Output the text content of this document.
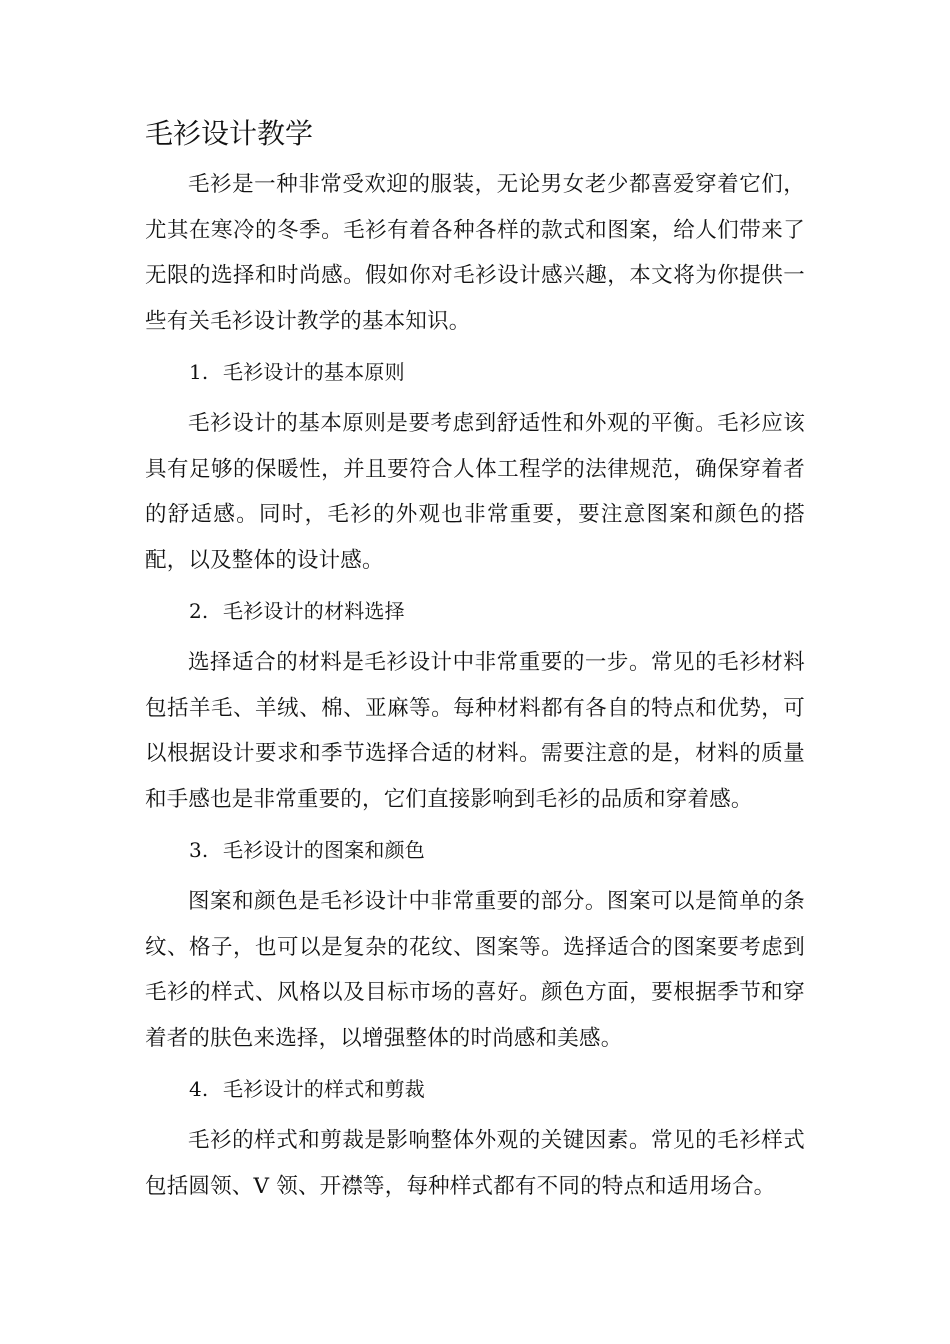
毛衫设计教学

毛衫是一种非常受欢迎的服装，无论男女老少都喜爱穿着它们，尤其在寒冷的冬季。毛衫有着各种各样的款式和图案，给人们带来了无限的选择和时尚感。假如你对毛衫设计感兴趣，本文将为你提供一些有关毛衫设计教学的基本知识。

1. 毛衫设计的基本原则

毛衫设计的基本原则是要考虑到舒适性和外观的平衡。毛衫应该具有足够的保暖性，并且要符合人体工程学的法律规范，确保穿着者的舒适感。同时，毛衫的外观也非常重要，要注意图案和颜色的搭配，以及整体的设计感。

2. 毛衫设计的材料选择

选择适合的材料是毛衫设计中非常重要的一步。常见的毛衫材料包括羊毛、羊绒、棉、亚麻等。每种材料都有各自的特点和优势，可以根据设计要求和季节选择合适的材料。需要注意的是，材料的质量和手感也是非常重要的，它们直接影响到毛衫的品质和穿着感。

3. 毛衫设计的图案和颜色

图案和颜色是毛衫设计中非常重要的部分。图案可以是简单的条纹、格子，也可以是复杂的花纹、图案等。选择适合的图案要考虑到毛衫的样式、风格以及目标市场的喜好。颜色方面，要根据季节和穿着者的肤色来选择，以增强整体的时尚感和美感。

4. 毛衫设计的样式和剪裁

毛衫的样式和剪裁是影响整体外观的关键因素。常见的毛衫样式包括圆领、V 领、开襟等，每种样式都有不同的特点和适用场合。
